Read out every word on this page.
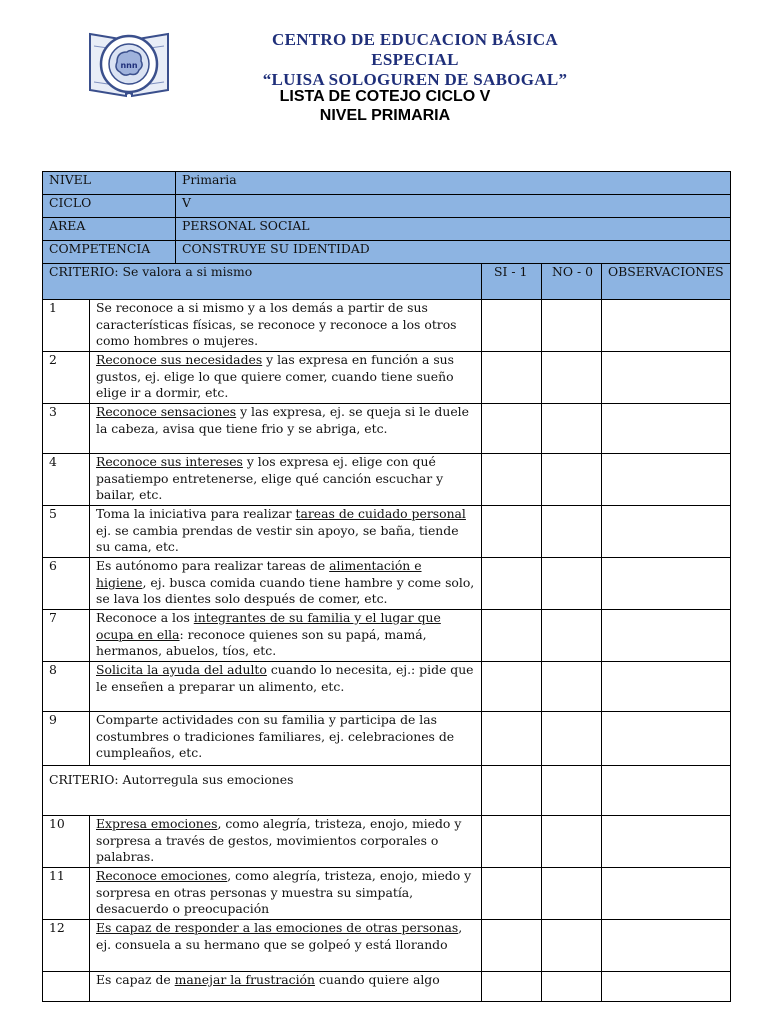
nnn
CENTRO DE EDUCACION BÁSICA
ESPECIAL
“LUISA SOLOGUREN DE SABOGAL”
LISTA DE COTEJO CICLO V
NIVEL PRIMARIA
NIVEL		Primaria			
CICLO		V			
AREA		PERSONAL SOCIAL			
COMPETENCIA		CONSTRUYE SU IDENTIDAD			
CRITERIO: Se valora a si mismo			SI - 1	NO - 0	OBSERVACIONES
1	Se reconoce a si mismo y a los demás a partir de sus características físicas, se reconoce y reconoce a los otros como hombres o mujeres.				
2	Reconoce sus necesidades y las expresa en función a sus gustos, ej. elige lo que quiere comer, cuando tiene sueño elige ir a dormir, etc.				
3	Reconoce sensaciones y las expresa, ej. se queja si le duele la cabeza, avisa que tiene frio y se abriga, etc.				
4	Reconoce sus intereses y los expresa ej. elige con qué pasatiempo entretenerse, elige qué canción escuchar y bailar, etc.				
5	Toma la iniciativa para realizar tareas de cuidado personal ej. se cambia prendas de vestir sin apoyo, se baña, tiende su cama, etc.				
6	Es autónomo para realizar tareas de alimentación e higiene, ej. busca comida cuando tiene hambre y come solo, se lava los dientes solo después de comer, etc.				
7	Reconoce a los integrantes de su familia y el lugar que ocupa en ella: reconoce quienes son su papá, mamá, hermanos, abuelos, tíos, etc.				
8	Solicita la ayuda del adulto cuando lo necesita, ej.: pide que le enseñen a preparar un alimento, etc.				
9	Comparte actividades con su familia y participa de las costumbres o tradiciones familiares, ej. celebraciones de cumpleaños, etc.				
CRITERIO: Autorregula sus emociones					
10	Expresa emociones, como alegría, tristeza, enojo, miedo y sorpresa a través de gestos, movimientos corporales o palabras.				
11	Reconoce emociones, como alegría, tristeza, enojo, miedo y sorpresa en otras personas y muestra su simpatía, desacuerdo o preocupación				
12	Es capaz de responder a las emociones de otras personas, ej. consuela a su hermano que se golpeó y está llorando				
	Es capaz de manejar la frustración cuando quiere algo				
